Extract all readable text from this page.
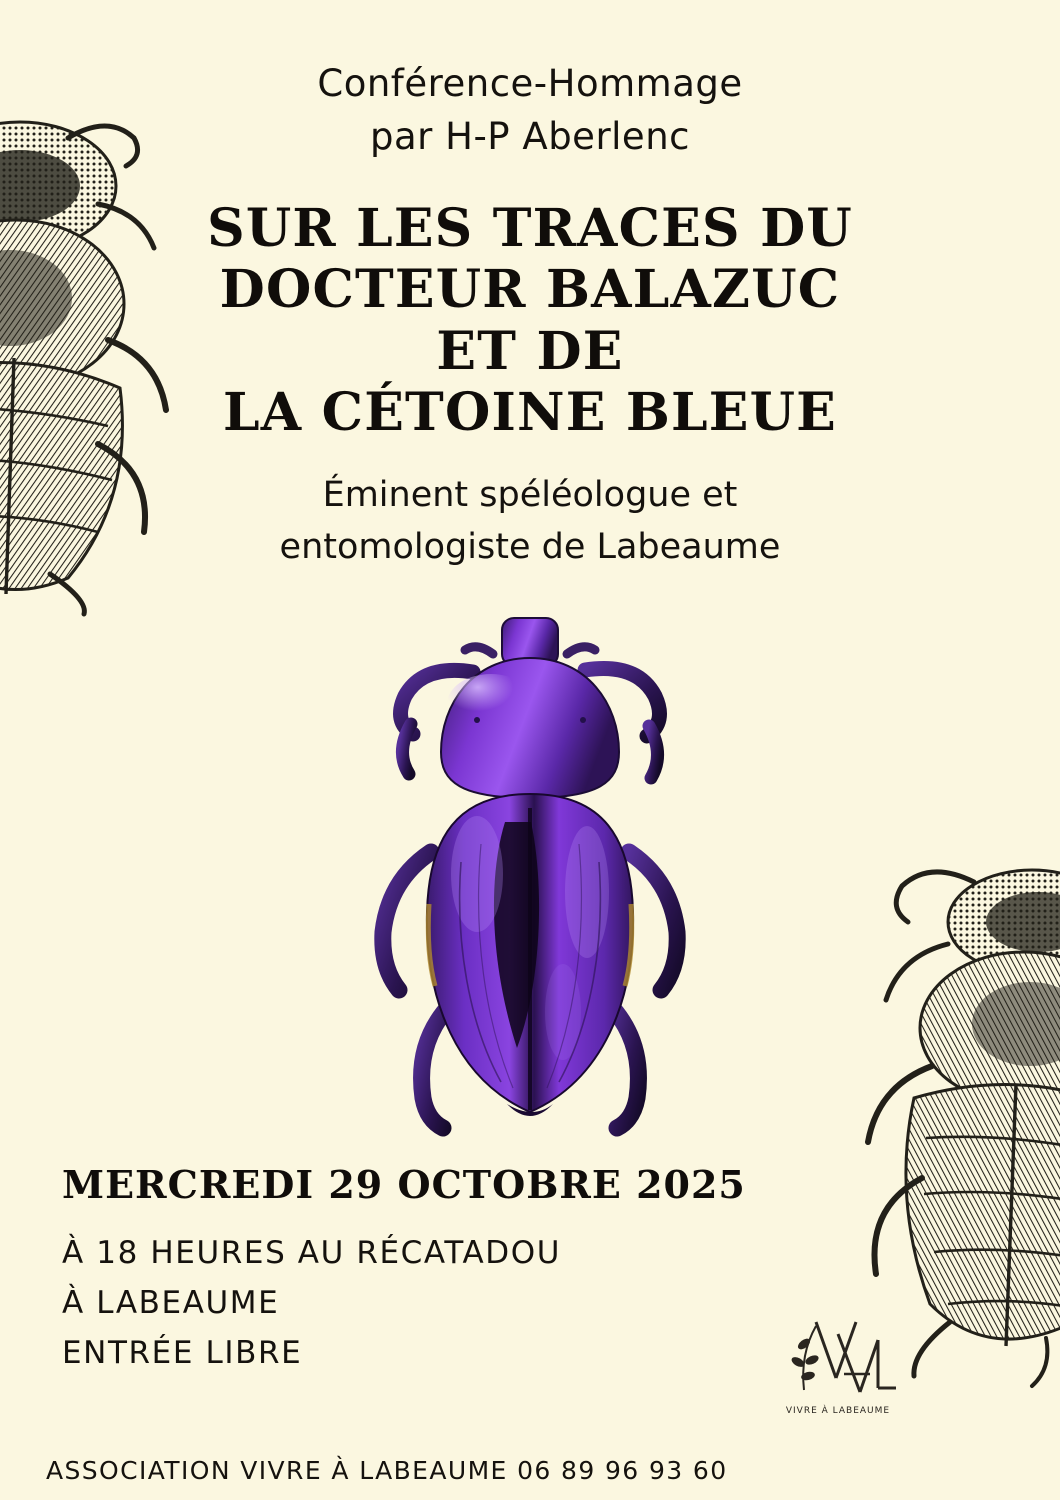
Conférence-Hommage
par H-P Aberlenc
SUR LES TRACES DU
DOCTEUR BALAZUC
ET DE
LA CÉTOINE BLEUE
Éminent spéléologue et
entomologiste de Labeaume
MERCREDI 29 OCTOBRE 2025
À 18 HEURES AU RÉCATADOU
À LABEAUME
ENTRÉE LIBRE
VIVRE À LABEAUME
ASSOCIATION VIVRE À LABEAUME 06 89 96 93 60
